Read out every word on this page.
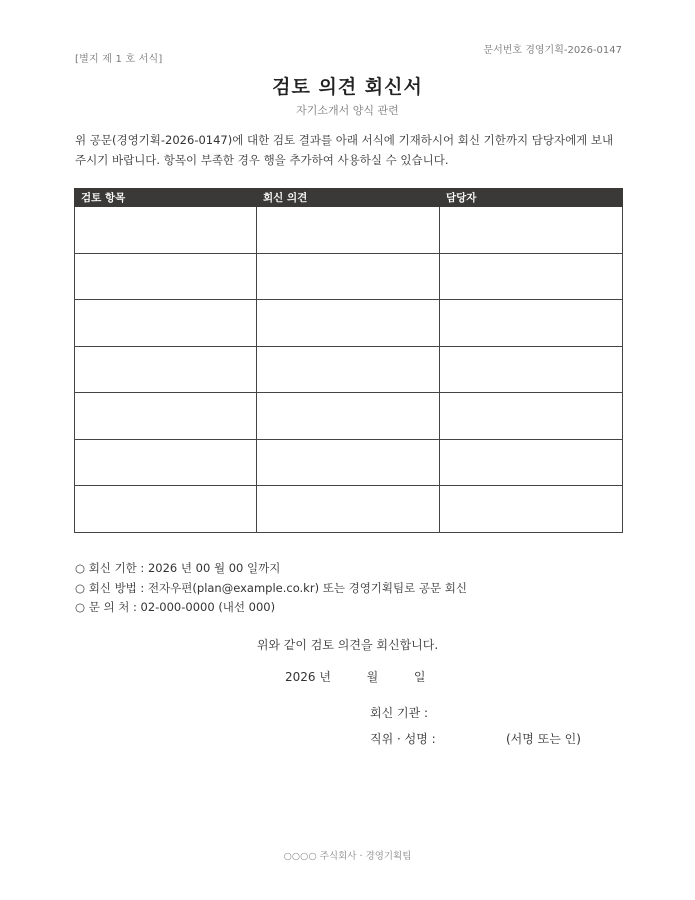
[별지 제 1 호 서식]
문서번호 경영기획-2026-0147
검토 의견 회신서
자기소개서 양식 관련
위 공문(경영기획-2026-0147)에 대한 검토 결과를 아래 서식에 기재하시어 회신 기한까지 담당자에게 보내
주시기 바랍니다. 항목이 부족한 경우 행을 추가하여 사용하실 수 있습니다.
검토 항목	회신 의견	담당자

○ 회신 기한 : 2026 년 00 월 00 일까지
○ 회신 방법 : 전자우편(plan@example.co.kr) 또는 경영기획팀로 공문 회신
○ 문 의 처 : 02-000-0000 (내선 000)
위와 같이 검토 의견을 회신합니다.
2026 년	월	일
회신 기관 :
직위 · 성명 :	(서명 또는 인)
○○○○ 주식회사 · 경영기획팀
